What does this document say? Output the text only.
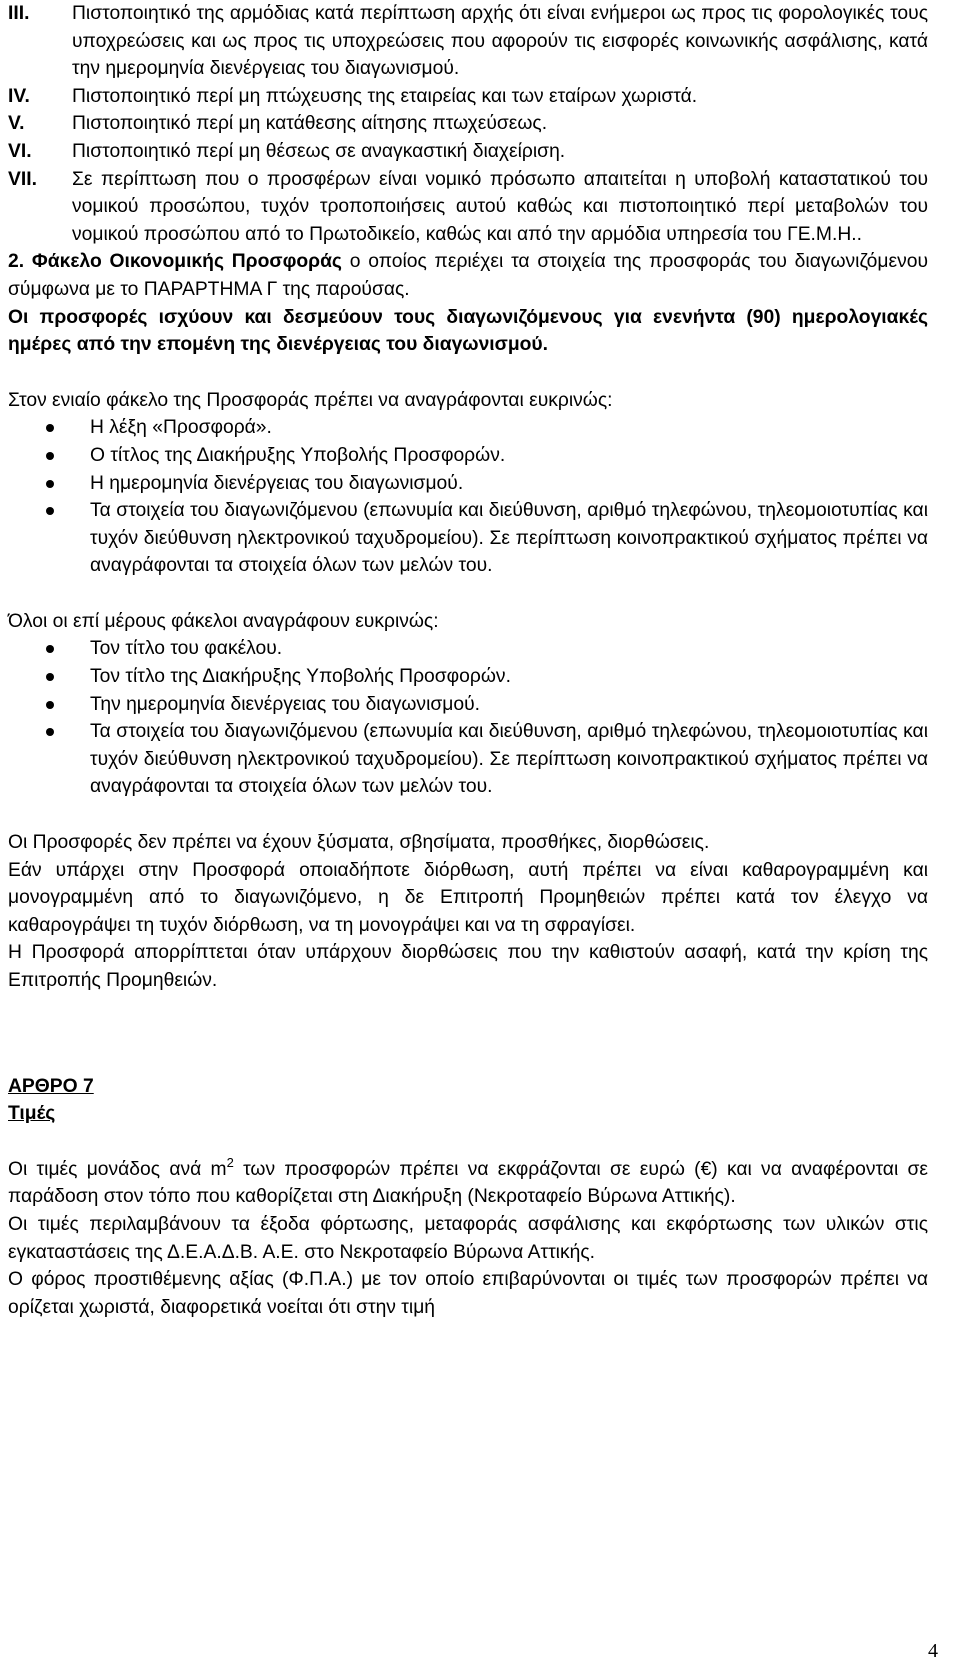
III. Πιστοποιητικό της αρμόδιας κατά περίπτωση αρχής ότι είναι ενήμεροι ως προς τις φορολογικές τους υποχρεώσεις και ως προς τις υποχρεώσεις που αφορούν τις εισφορές κοινωνικής ασφάλισης, κατά την ημερομηνία διενέργειας του διαγωνισμού.

IV. Πιστοποιητικό περί μη πτώχευσης της εταιρείας και των εταίρων χωριστά.

V. Πιστοποιητικό περί μη κατάθεσης αίτησης πτωχεύσεως.

VI. Πιστοποιητικό περί μη θέσεως σε αναγκαστική διαχείριση.

VII. Σε περίπτωση που ο προσφέρων είναι νομικό πρόσωπο απαιτείται η υποβολή καταστατικού του νομικού προσώπου, τυχόν τροποποιήσεις αυτού καθώς και πιστοποιητικό περί μεταβολών του νομικού προσώπου από το Πρωτοδικείο, καθώς και από την αρμόδια υπηρεσία του ΓΕ.Μ.Η..

2. Φάκελο Οικονομικής Προσφοράς ο οποίος περιέχει τα στοιχεία της προσφοράς του διαγωνιζόμενου σύμφωνα με το ΠΑΡΑΡΤΗΜΑ Γ της παρούσας.

Οι προσφορές ισχύουν και δεσμεύουν τους διαγωνιζόμενους για ενενήντα (90) ημερολογιακές ημέρες από την επομένη της διενέργειας του διαγωνισμού.

Στον ενιαίο φάκελο της Προσφοράς πρέπει να αναγράφονται ευκρινώς:

Η λέξη «Προσφορά».
Ο τίτλος της Διακήρυξης Υποβολής Προσφορών.
Η ημερομηνία διενέργειας του διαγωνισμού.
Τα στοιχεία του διαγωνιζόμενου (επωνυμία και διεύθυνση, αριθμό τηλεφώνου, τηλεομοιοτυπίας και τυχόν διεύθυνση ηλεκτρονικού ταχυδρομείου). Σε περίπτωση κοινοπρακτικού σχήματος πρέπει να αναγράφονται τα στοιχεία όλων των μελών του.

Όλοι οι επί μέρους φάκελοι αναγράφουν ευκρινώς:

Τον τίτλο του φακέλου.
Τον τίτλο της Διακήρυξης Υποβολής Προσφορών.
Την ημερομηνία διενέργειας του διαγωνισμού.
Τα στοιχεία του διαγωνιζόμενου (επωνυμία και διεύθυνση, αριθμό τηλεφώνου, τηλεομοιοτυπίας και τυχόν διεύθυνση ηλεκτρονικού ταχυδρομείου). Σε περίπτωση κοινοπρακτικού σχήματος πρέπει να αναγράφονται τα στοιχεία όλων των μελών του.

Οι Προσφορές δεν πρέπει να έχουν ξύσματα, σβησίματα, προσθήκες, διορθώσεις.

Εάν υπάρχει στην Προσφορά οποιαδήποτε διόρθωση, αυτή πρέπει να είναι καθαρογραμμένη και μονογραμμένη από το διαγωνιζόμενο, η δε Επιτροπή Προμηθειών πρέπει κατά τον έλεγχο να καθαρογράψει τη τυχόν διόρθωση, να τη μονογράψει και να τη σφραγίσει.

Η Προσφορά απορρίπτεται όταν υπάρχουν διορθώσεις που την καθιστούν ασαφή, κατά την κρίση της Επιτροπής Προμηθειών.

ΑΡΘΡΟ 7

Τιμές

Οι τιμές μονάδος ανά $m^2$ των προσφορών πρέπει να εκφράζονται σε ευρώ (€) και να αναφέρονται σε παράδοση στον τόπο που καθορίζεται στη Διακήρυξη (Νεκροταφείο Βύρωνα Αττικής).

Οι τιμές περιλαμβάνουν τα έξοδα φόρτωσης, μεταφοράς ασφάλισης και εκφόρτωσης των υλικών στις εγκαταστάσεις της Δ.Ε.Α.Δ.Β. Α.Ε. στο Νεκροταφείο Βύρωνα Αττικής.

Ο φόρος προστιθέμενης αξίας (Φ.Π.Α.) με τον οποίο επιβαρύνονται οι τιμές των προσφορών πρέπει να ορίζεται χωριστά, διαφορετικά νοείται ότι στην τιμή

4
